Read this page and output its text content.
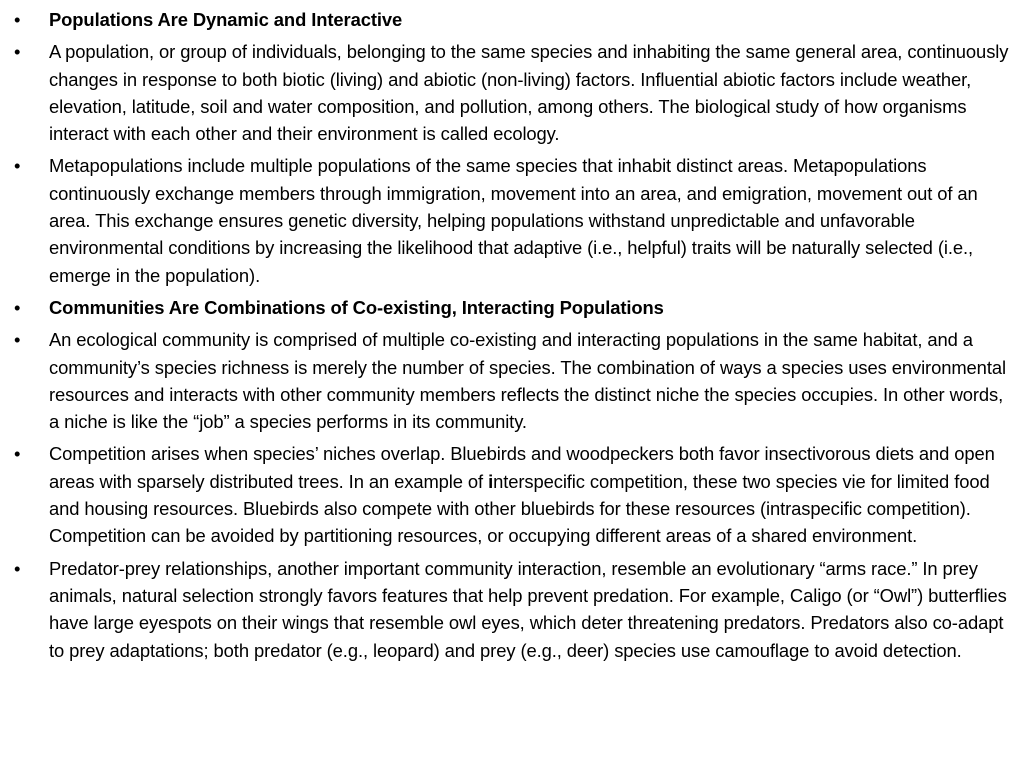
•	Populations Are Dynamic and Interactive
•	A population, or group of individuals, belonging to the same species and inhabiting the same general area, continuously changes in response to both biotic (living) and abiotic (non-living) factors. Influential abiotic factors include weather, elevation, latitude, soil and water composition, and pollution, among others. The biological study of how organisms interact with each other and their environment is called ecology.
•	Metapopulations include multiple populations of the same species that inhabit distinct areas. Metapopulations continuously exchange members through immigration, movement into an area, and emigration, movement out of an area. This exchange ensures genetic diversity, helping populations withstand unpredictable and unfavorable environmental conditions by increasing the likelihood that adaptive (i.e., helpful) traits will be naturally selected (i.e., emerge in the population).
•	Communities Are Combinations of Co-existing, Interacting Populations
•	An ecological community is comprised of multiple co-existing and interacting populations in the same habitat, and a community’s species richness is merely the number of species. The combination of ways a species uses environmental resources and interacts with other community members reflects the distinct niche the species occupies. In other words, a niche is like the “job” a species performs in its community.
•	Competition arises when species’ niches overlap. Bluebirds and woodpeckers both favor insectivorous diets and open areas with sparsely distributed trees. In an example of interspecific competition, these two species vie for limited food and housing resources. Bluebirds also compete with other bluebirds for these resources (intraspecific competition). Competition can be avoided by partitioning resources, or occupying different areas of a shared environment.
•	Predator-prey relationships, another important community interaction, resemble an evolutionary “arms race.” In prey animals, natural selection strongly favors features that help prevent predation. For example, Caligo (or “Owl”) butterflies have large eyespots on their wings that resemble owl eyes, which deter threatening predators. Predators also co-adapt to prey adaptations; both predator (e.g., leopard) and prey (e.g., deer) species use camouflage to avoid detection.
